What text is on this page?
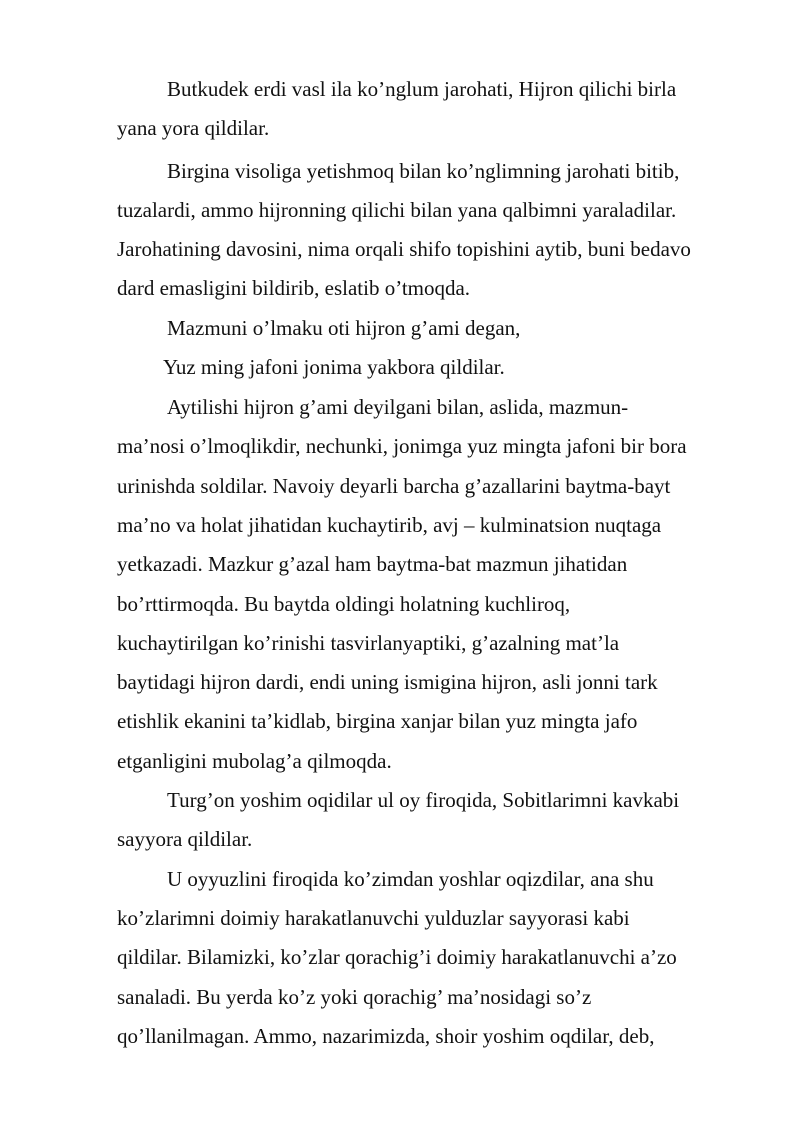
Butkudek erdi vasl ila ko’nglum jarohati, Hijron qilichi birla
yana yora qildilar.
Birgina visoliga yetishmoq bilan ko’nglimning jarohati bitib,
tuzalardi, ammo hijronning qilichi bilan yana qalbimni yaraladilar.
Jarohatining davosini, nima orqali shifo topishini aytib, buni bedavo
dard emasligini bildirib, eslatib o’tmoqda.
Mazmuni o’lmaku oti hijron g’ami degan,
Yuz ming jafoni jonima yakbora qildilar.
Aytilishi hijron g’ami deyilgani bilan, aslida, mazmun-
ma’nosi o’lmoqlikdir, nechunki, jonimga yuz mingta jafoni bir bora
urinishda soldilar. Navoiy deyarli barcha g’azallarini baytma-bayt
ma’no va holat jihatidan kuchaytirib, avj – kulminatsion nuqtaga
yetkazadi. Mazkur g’azal ham baytma-bat mazmun jihatidan
bo’rttirmoqda. Bu baytda oldingi holatning kuchliroq,
kuchaytirilgan ko’rinishi tasvirlanyaptiki, g’azalning mat’la
baytidagi hijron dardi, endi uning ismigina hijron, asli jonni tark
etishlik ekanini ta’kidlab, birgina xanjar bilan yuz mingta jafo
etganligini mubolag’a qilmoqda.
Turg’on yoshim oqidilar ul oy firoqida, Sobitlarimni kavkabi
sayyora qildilar.
U oyyuzlini firoqida ko’zimdan yoshlar oqizdilar, ana shu
ko’zlarimni doimiy harakatlanuvchi yulduzlar sayyorasi kabi
qildilar. Bilamizki, ko’zlar qorachig’i doimiy harakatlanuvchi a’zo
sanaladi. Bu yerda ko’z yoki qorachig’ ma’nosidagi so’z
qo’llanilmagan. Ammo, nazarimizda, shoir yoshim oqdilar, deb,
